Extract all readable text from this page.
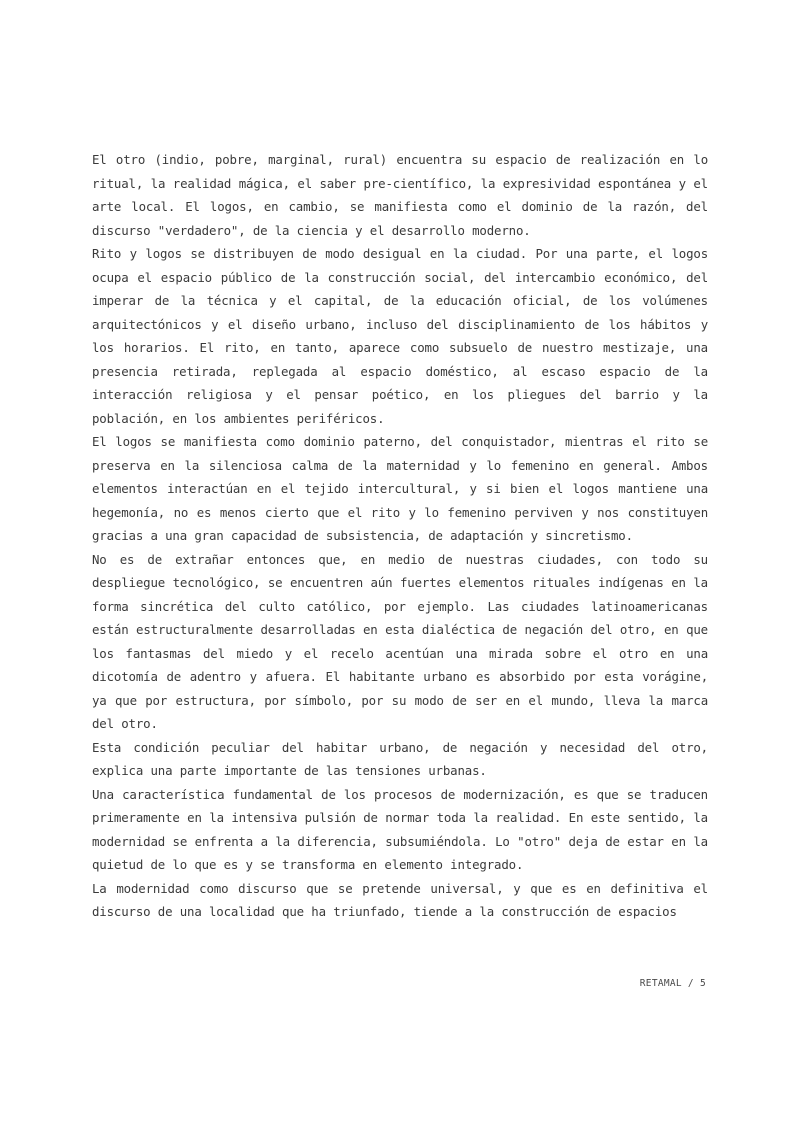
El otro (indio, pobre, marginal, rural) encuentra su espacio de realización en lo ritual, la realidad mágica, el saber pre-científico, la expresividad espontánea y el arte local. El logos, en cambio, se manifiesta como el dominio de la razón, del discurso "verdadero", de la ciencia y el desarrollo moderno.

Rito y logos se distribuyen de modo desigual en la ciudad. Por una parte, el logos ocupa el espacio público de la construcción social, del intercambio económico, del imperar de la técnica y el capital, de la educación oficial, de los volúmenes arquitectónicos y el diseño urbano, incluso del disciplinamiento de los hábitos y los horarios. El rito, en tanto, aparece como subsuelo de nuestro mestizaje, una presencia retirada, replegada al espacio doméstico, al escaso espacio de la interacción religiosa y el pensar poético, en los pliegues del barrio y la población, en los ambientes periféricos.

El logos se manifiesta como dominio paterno, del conquistador, mientras el rito se preserva en la silenciosa calma de la maternidad y lo femenino en general. Ambos elementos interactúan en el tejido intercultural, y si bien el logos mantiene una hegemonía, no es menos cierto que el rito y lo femenino perviven y nos constituyen gracias a una gran capacidad de subsistencia, de adaptación y sincretismo.

No es de extrañar entonces que, en medio de nuestras ciudades, con todo su despliegue tecnológico, se encuentren aún fuertes elementos rituales indígenas en la forma sincrética del culto católico, por ejemplo. Las ciudades latinoamericanas están estructuralmente desarrolladas en esta dialéctica de negación del otro, en que los fantasmas del miedo y el recelo acentúan una mirada sobre el otro en una dicotomía de adentro y afuera. El habitante urbano es absorbido por esta vorágine, ya que por estructura, por símbolo, por su modo de ser en el mundo, lleva la marca del otro.

Esta condición peculiar del habitar urbano, de negación y necesidad del otro, explica una parte importante de las tensiones urbanas.

Una característica fundamental de los procesos de modernización, es que se traducen primeramente en la intensiva pulsión de normar toda la realidad. En este sentido, la modernidad se enfrenta a la diferencia, subsumiéndola. Lo "otro" deja de estar en la quietud de lo que es y se transforma en elemento integrado.

La modernidad como discurso que se pretende universal, y que es en definitiva el discurso de una localidad que ha triunfado, tiende a la construcción de espacios

RETAMAL / 5
